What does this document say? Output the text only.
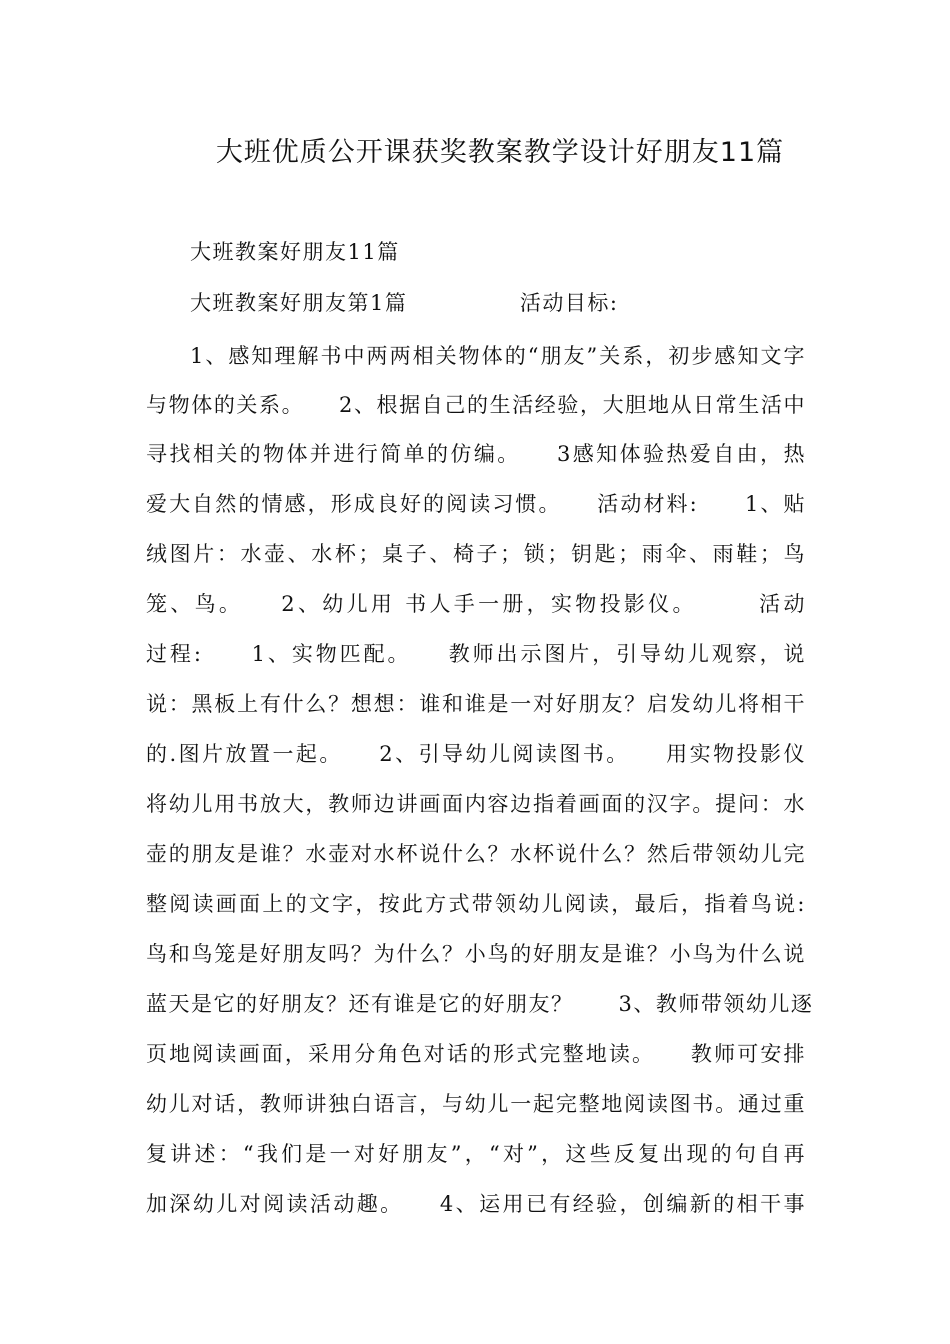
大班优质公开课获奖教案教学设计好朋友11篇
大班教案好朋友11篇
大班教案好朋友第1篇　　　　　活动目标:
1、感知理解书中两两相关物体的“朋友”关系，初步感知文字
与物体的关系。　　2、根据自己的生活经验，大胆地从日常生活中
寻找相关的物体并进行简单的仿编。　　3感知体验热爱自由，热
爱大自然的情感，形成良好的阅读习惯。　　活动材料:　　1、贴
绒图片：水壶、水杯；桌子、椅子；锁；钥匙；雨伞、雨鞋；鸟
笼、鸟。　　2、幼儿用 书人手一册，实物投影仪。　　　活动
过程:　　1、实物匹配。　　教师出示图片，引导幼儿观察，说
说：黑板上有什么？想想：谁和谁是一对好朋友？启发幼儿将相干
的.图片放置一起。　　2、引导幼儿阅读图书。　　用实物投影仪
将幼儿用书放大，教师边讲画面内容边指着画面的汉字。提问：水
壶的朋友是谁？水壶对水杯说什么？水杯说什么？然后带领幼儿完
整阅读画面上的文字，按此方式带领幼儿阅读，最后，指着鸟说:
鸟和鸟笼是好朋友吗？为什么？小鸟的好朋友是谁？小鸟为什么说
蓝天是它的好朋友？还有谁是它的好朋友？　　3、教师带领幼儿逐
页地阅读画面，采用分角色对话的形式完整地读。　　教师可安排
幼儿对话，教师讲独白语言，与幼儿一起完整地阅读图书。通过重
复讲述：“我们是一对好朋友”，“对”，这些反复出现的句自再
加深幼儿对阅读活动趣。　　4、运用已有经验，创编新的相干事
